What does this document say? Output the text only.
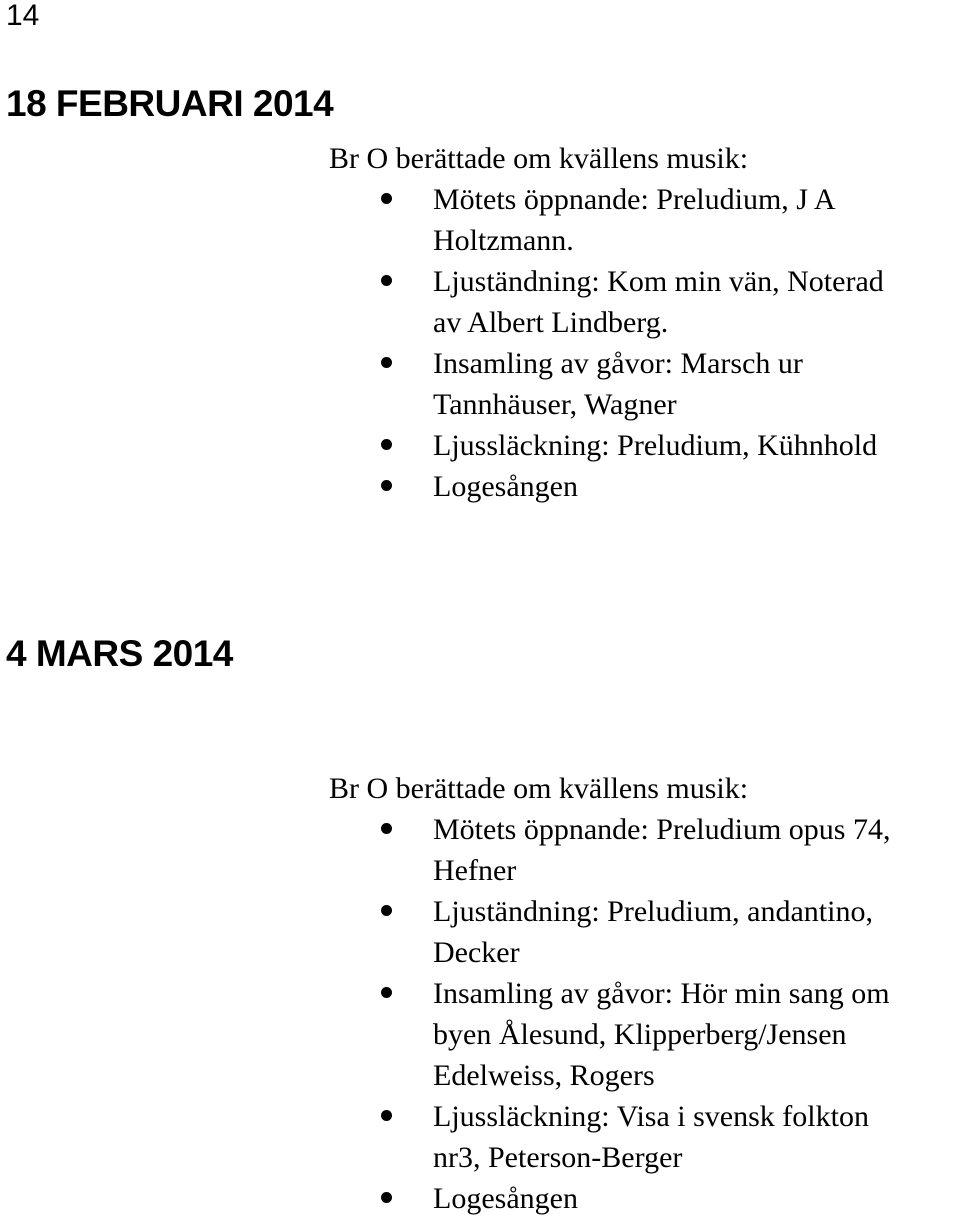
14
18 FEBRUARI 2014

Br O berättade om kvällens musik:

Mötets öppnande: Preludium, J A
Holtzmann.
Ljuständning: Kom min vän, Noterad
av Albert Lindberg.
Insamling av gåvor: Marsch ur
Tannhäuser, Wagner
Ljussläckning: Preludium, Kühnhold
Logesången
4 MARS 2014

Br O berättade om kvällens musik:

Mötets öppnande: Preludium opus 74,
Hefner
Ljuständning: Preludium, andantino,
Decker
Insamling av gåvor: Hör min sang om
byen Ålesund, Klipperberg/Jensen
Edelweiss, Rogers
Ljussläckning: Visa i svensk folkton
nr3, Peterson-Berger
Logesången
